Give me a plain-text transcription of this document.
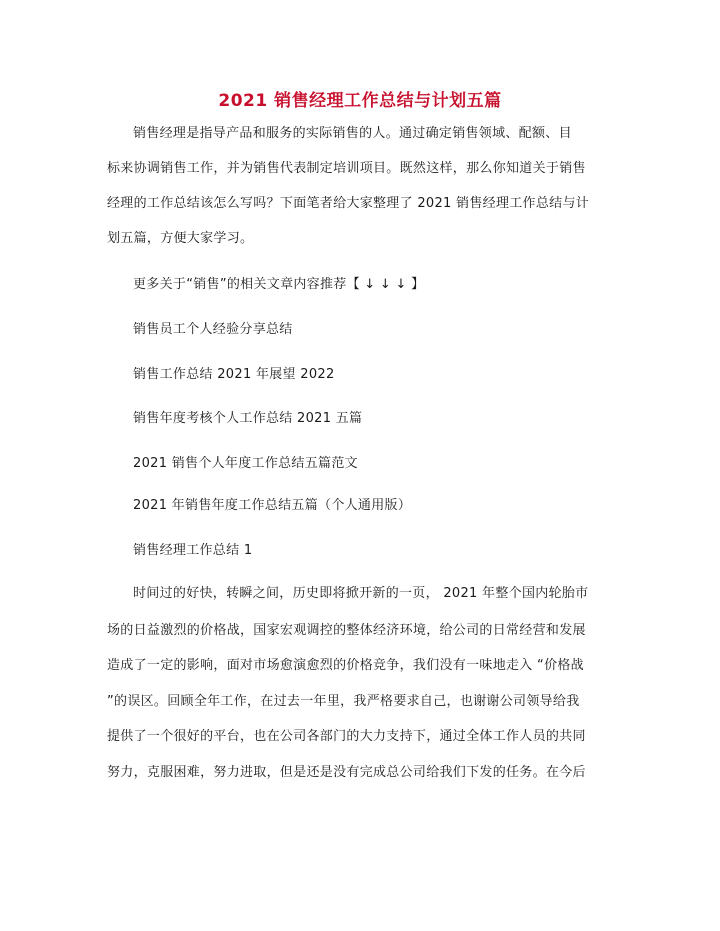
2021 销售经理工作总结与计划五篇
销售经理是指导产品和服务的实际销售的人。通过确定销售领域、配额、目
标来协调销售工作，并为销售代表制定培训项目。既然这样，那么你知道关于销售
经理的工作总结该怎么写吗？下面笔者给大家整理了 2021 销售经理工作总结与计
划五篇，方便大家学习。
更多关于“销售”的相关文章内容推荐【 ↓ ↓ ↓ 】
销售员工个人经验分享总结
销售工作总结 2021 年展望 2022
销售年度考核个人工作总结 2021 五篇
2021 销售个人年度工作总结五篇范文
2021 年销售年度工作总结五篇（个人通用版）
销售经理工作总结 1
时间过的好快，转瞬之间，历史即将掀开新的一页， 2021 年整个国内轮胎市
场的日益激烈的价格战，国家宏观调控的整体经济环境，给公司的日常经营和发展
造成了一定的影响，面对市场愈演愈烈的价格竞争，我们没有一味地走入 “价格战
”的误区。回顾全年工作，在过去一年里，我严格要求自己，也谢谢公司领导给我
提供了一个很好的平台，也在公司各部门的大力支持下，通过全体工作人员的共同
努力，克服困难，努力进取，但是还是没有完成总公司给我们下发的任务。在今后
